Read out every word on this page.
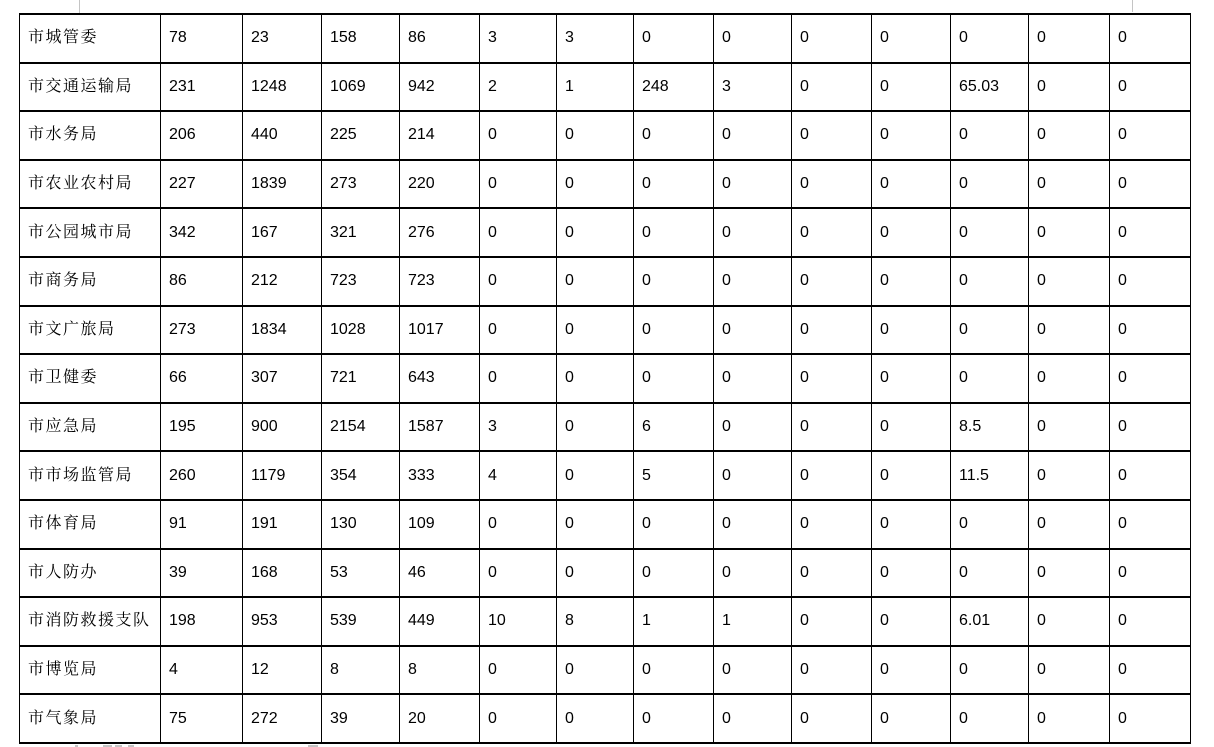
市城管委	78	23	158	86	3	3	0	0	0	0	0	0	0
市交通运输局	231	1248	1069	942	2	1	248	3	0	0	65.03	0	0
市水务局	206	440	225	214	0	0	0	0	0	0	0	0	0
市农业农村局	227	1839	273	220	0	0	0	0	0	0	0	0	0
市公园城市局	342	167	321	276	0	0	0	0	0	0	0	0	0
市商务局	86	212	723	723	0	0	0	0	0	0	0	0	0
市文广旅局	273	1834	1028	1017	0	0	0	0	0	0	0	0	0
市卫健委	66	307	721	643	0	0	0	0	0	0	0	0	0
市应急局	195	900	2154	1587	3	0	6	0	0	0	8.5	0	0
市市场监管局	260	1179	354	333	4	0	5	0	0	0	11.5	0	0
市体育局	91	191	130	109	0	0	0	0	0	0	0	0	0
市人防办	39	168	53	46	0	0	0	0	0	0	0	0	0
市消防救援支队	198	953	539	449	10	8	1	1	0	0	6.01	0	0
市博览局	4	12	8	8	0	0	0	0	0	0	0	0	0
市气象局	75	272	39	20	0	0	0	0	0	0	0	0	0
